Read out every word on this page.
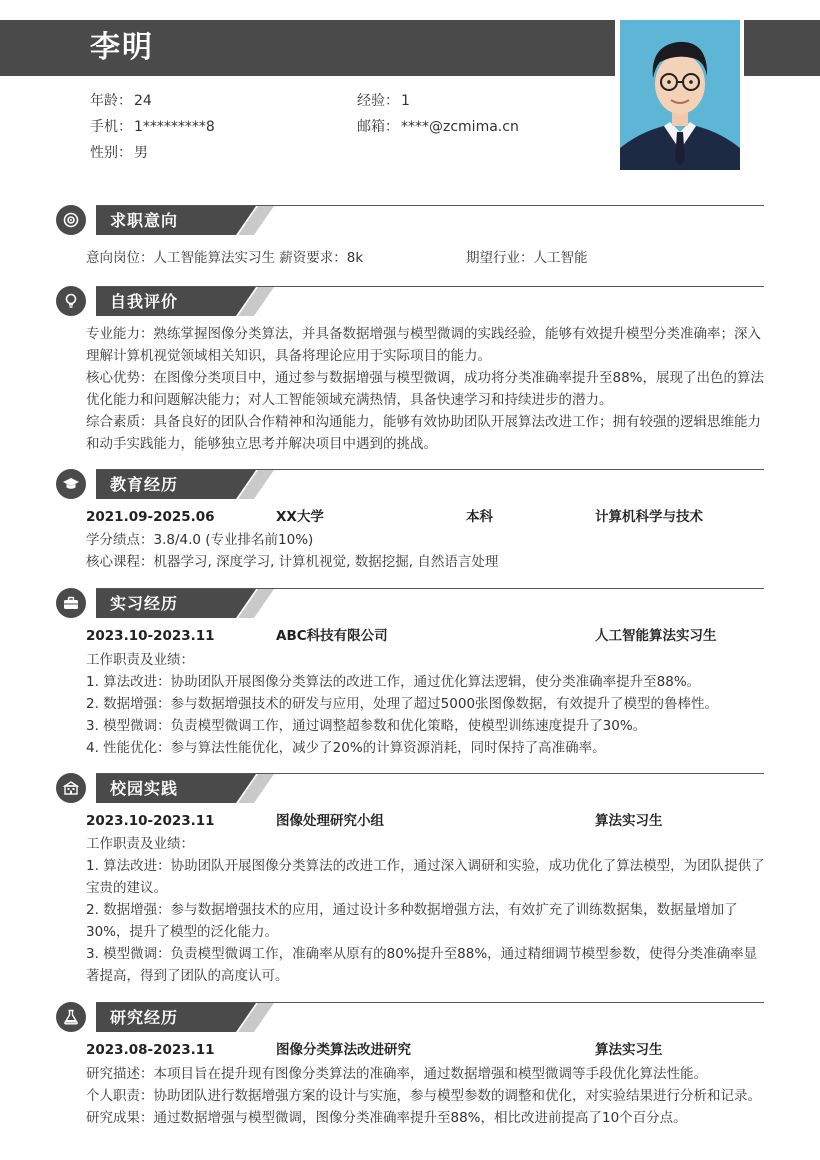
李明
年龄： 24	经验： 1
手机： 1*********8	邮箱： ****@zcmima.cn
性别： 男
求职意向
意向岗位：人工智能算法实习生 薪资要求：8k	期望行业：人工智能
自我评价

专业能力：熟练掌握图像分类算法，并具备数据增强与模型微调的实践经验，能够有效提升模型分类准确率；深入理解计算机视觉领域相关知识，具备将理论应用于实际项目的能力。

核心优势：在图像分类项目中，通过参与数据增强与模型微调，成功将分类准确率提升至88%，展现了出色的算法优化能力和问题解决能力；对人工智能领域充满热情，具备快速学习和持续进步的潜力。

综合素质：具备良好的团队合作精神和沟通能力，能够有效协助团队开展算法改进工作；拥有较强的逻辑思维能力和动手实践能力，能够独立思考并解决项目中遇到的挑战。

教育经历
2021.09-2025.06	XX大学	本科	计算机科学与技术

学分绩点：3.8/4.0 (专业排名前10%)

核心课程：机器学习, 深度学习, 计算机视觉, 数据挖掘, 自然语言处理

实习经历
2023.10-2023.11	ABC科技有限公司	人工智能算法实习生

工作职责及业绩：

1. 算法改进：协助团队开展图像分类算法的改进工作，通过优化算法逻辑，使分类准确率提升至88%。

2. 数据增强：参与数据增强技术的研发与应用，处理了超过5000张图像数据，有效提升了模型的鲁棒性。

3. 模型微调：负责模型微调工作，通过调整超参数和优化策略，使模型训练速度提升了30%。

4. 性能优化：参与算法性能优化，减少了20%的计算资源消耗，同时保持了高准确率。

校园实践
2023.10-2023.11	图像处理研究小组	算法实习生

工作职责及业绩：

1. 算法改进：协助团队开展图像分类算法的改进工作，通过深入调研和实验，成功优化了算法模型，为团队提供了宝贵的建议。

2. 数据增强：参与数据增强技术的应用，通过设计多种数据增强方法，有效扩充了训练数据集，数据量增加了30%，提升了模型的泛化能力。

3. 模型微调：负责模型微调工作，准确率从原有的80%提升至88%，通过精细调节模型参数，使得分类准确率显著提高，得到了团队的高度认可。

研究经历
2023.08-2023.11	图像分类算法改进研究	算法实习生

研究描述：本项目旨在提升现有图像分类算法的准确率，通过数据增强和模型微调等手段优化算法性能。

个人职责：协助团队进行数据增强方案的设计与实施，参与模型参数的调整和优化，对实验结果进行分析和记录。

研究成果：通过数据增强与模型微调，图像分类准确率提升至88%，相比改进前提高了10个百分点。
